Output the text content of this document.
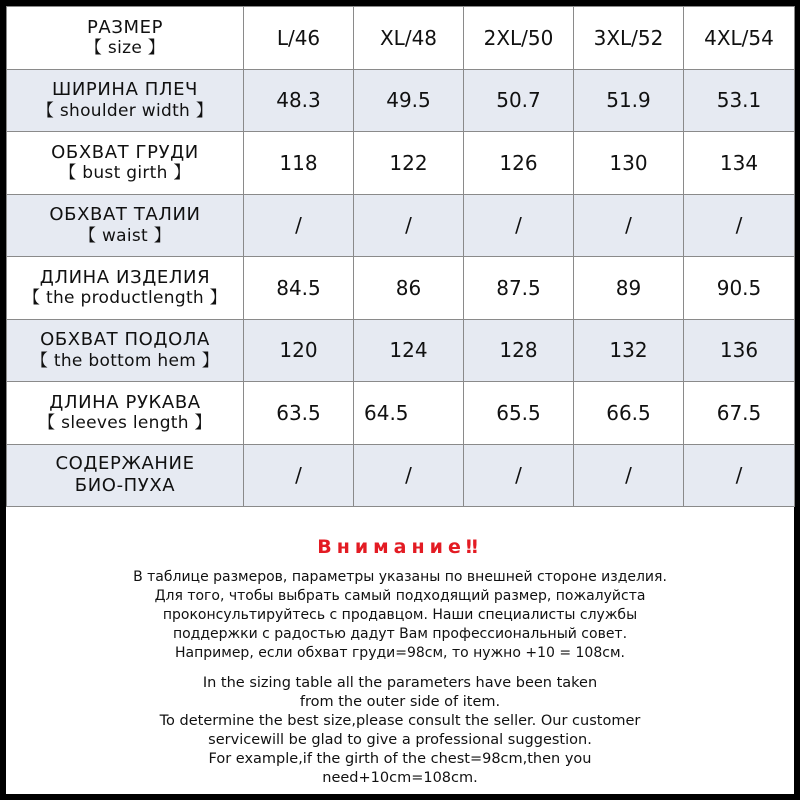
РАЗМЕР
【 size 】	L/46	XL/48	2XL/50	3XL/52	4XL/54

ШИРИНА ПЛЕЧ
【 shoulder width 】	48.3	49.5	50.7	51.9	53.1

ОБХВАТ ГРУДИ
【 bust girth 】	118	122	126	130	134

ОБХВАТ ТАЛИИ
【 waist 】	/	/	/	/	/

ДЛИНА ИЗДЕЛИЯ
【 the productlength 】	84.5	86	87.5	89	90.5

ОБХВАТ ПОДОЛА
【 the bottom hem 】	120	124	128	132	136

ДЛИНА РУКАВА
【 sleeves length 】	63.5	64.5	65.5	66.5	67.5

СОДЕРЖАНИЕ
БИО-ПУХА	/	/	/	/	/
Внимание‼
В таблице размеров, параметры указаны по внешней стороне изделия.
Для того, чтобы выбрать самый подходящий размер, пожалуйста
проконсультируйтесь с продавцом. Наши специалисты службы
поддержки с радостью дадут Вам профессиональный совет.
Например, если обхват груди=98см, то нужно +10 = 108см.
In the sizing table all the parameters have been taken
from the outer side of item.
To determine the best size,please consult the seller. Our customer
servicewill be glad to give a professional suggestion.
For example,if the girth of the chest=98cm,then you
need+10cm=108cm.
